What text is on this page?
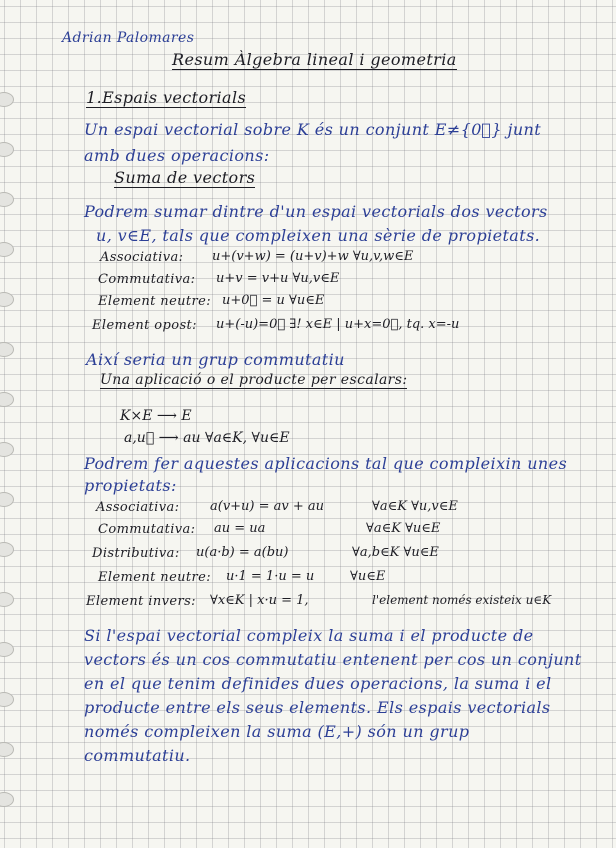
Adrian Palomares
Resum Àlgebra lineal i geometria
1.Espais vectorials
Un espai vectorial sobre K és un conjunt E≠{0⃗} junt
amb dues operacions:
Suma de vectors
Podrem sumar dintre d'un espai vectorials dos vectors
u, v∈E, tals que compleixen una sèrie de propietats.
Associativa: u+(v+w) = (u+v)+w ∀u,v,w∈E
Commutativa: u+v = v+u ∀u,v∈E
Element neutre: u+0⃗ = u ∀u∈E
Element opost: u+(-u)=0⃗ ∃! x∈E | u+x=0⃗, tq. x=-u
Així seria un grup commutatiu
Una aplicació o el producte per escalars:
K×E ⟶ E
a,u⃗ ⟶ au ∀a∈K, ∀u∈E
Podrem fer aquestes aplicacions tal que compleixin unes
propietats:
Associativa: a(v+u) = av + au	∀a∈K ∀u,v∈E
Commutativa: au = ua	∀a∈K ∀u∈E
Distributiva: u(a·b) = a(bu)	∀a,b∈K ∀u∈E
Element neutre: u·1 = 1·u = u	∀u∈E
Element invers: ∀x∈K | x·u = 1,	l'element només existeix u∈K
Si l'espai vectorial compleix la suma i el producte de
vectors és un cos commutatiu entenent per cos un conjunt
en el que tenim definides dues operacions, la suma i el
producte entre els seus elements. Els espais vectorials
només compleixen la suma (E,+) són un grup
commutatiu.
